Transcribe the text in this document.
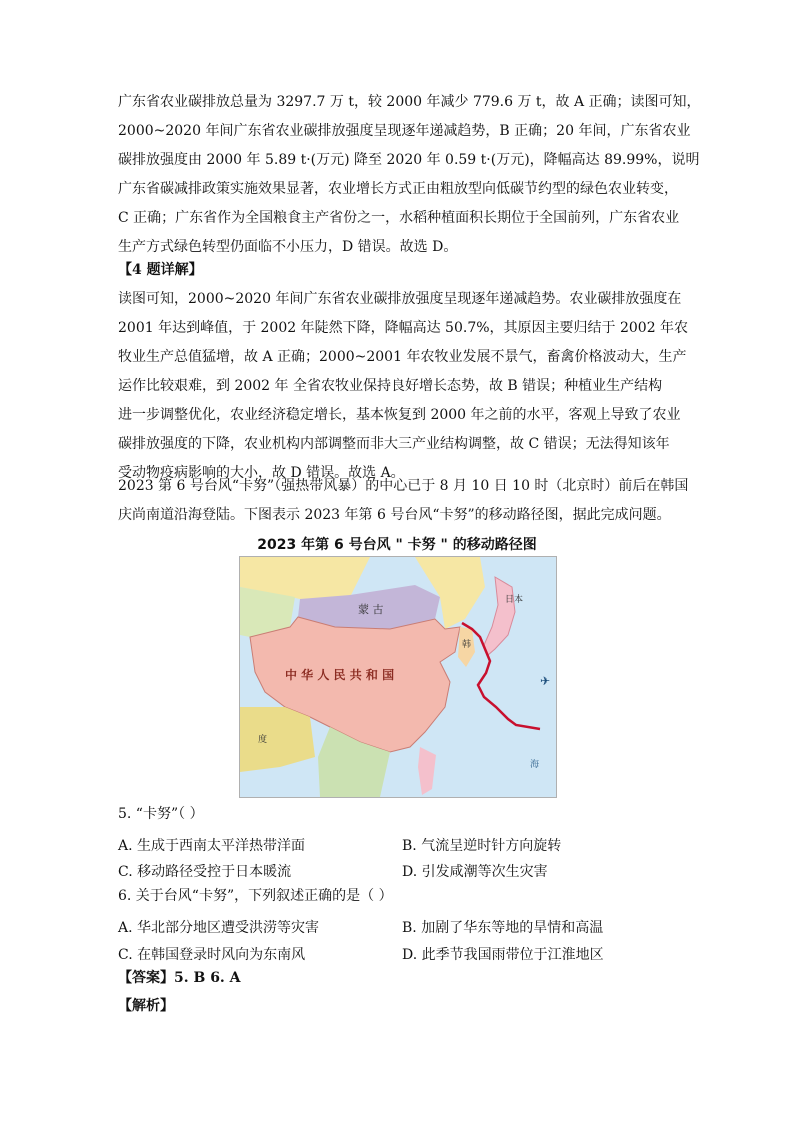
广东省农业碳排放总量为 3297.7 万 t，较 2000 年减少 779.6 万 t，故 A 正确；读图可知，
2000~2020 年间广东省农业碳排放强度呈现逐年递减趋势，B 正确；20 年间，广东省农业
碳排放强度由 2000 年 5.89 t·(万元) 降至 2020 年 0.59 t·(万元)，降幅高达 89.99%，说明
广东省碳减排政策实施效果显著，农业增长方式正由粗放型向低碳节约型的绿色农业转变，
C 正确；广东省作为全国粮食主产省份之一，水稻种植面积长期位于全国前列，广东省农业
生产方式绿色转型仍面临不小压力，D 错误。故选 D。
【4 题详解】
读图可知，2000~2020 年间广东省农业碳排放强度呈现逐年递减趋势。农业碳排放强度在
2001 年达到峰值，于 2002 年陡然下降，降幅高达 50.7%，其原因主要归结于 2002 年农
牧业生产总值猛增，故 A 正确；2000~2001 年农牧业发展不景气，畜禽价格波动大，生产
运作比较艰难，到 2002 年 全省农牧业保持良好增长态势，故 B 错误；种植业生产结构
进一步调整优化，农业经济稳定增长，基本恢复到 2000 年之前的水平，客观上导致了农业
碳排放强度的下降，农业机构内部调整而非大三产业结构调整，故 C 错误；无法得知该年
受动物疫病影响的大小，故 D 错误。故选 A。
2023 第 6 号台风“卡努”（强热带风暴）的中心已于 8 月 10 日 10 时（北京时）前后在韩国
庆尚南道沿海登陆。下图表示 2023 年第 6 号台风“卡努”的移动路径图，据此完成问题。
2023 年第 6 号台风 " 卡努 " 的移动路径图
蒙 古
中 华 人 民 共 和 国
日本
韩
海
度
✈
5. “卡努”（ ）
A. 生成于西南太平洋热带洋面	B. 气流呈逆时针方向旋转
C. 移动路径受控于日本暖流	D. 引发咸潮等次生灾害
6. 关于台风“卡努”，下列叙述正确的是（ ）
A. 华北部分地区遭受洪涝等灾害	B. 加剧了华东等地的旱情和高温
C. 在韩国登录时风向为东南风	D. 此季节我国雨带位于江淮地区
【答案】5. B 6. A
【解析】
